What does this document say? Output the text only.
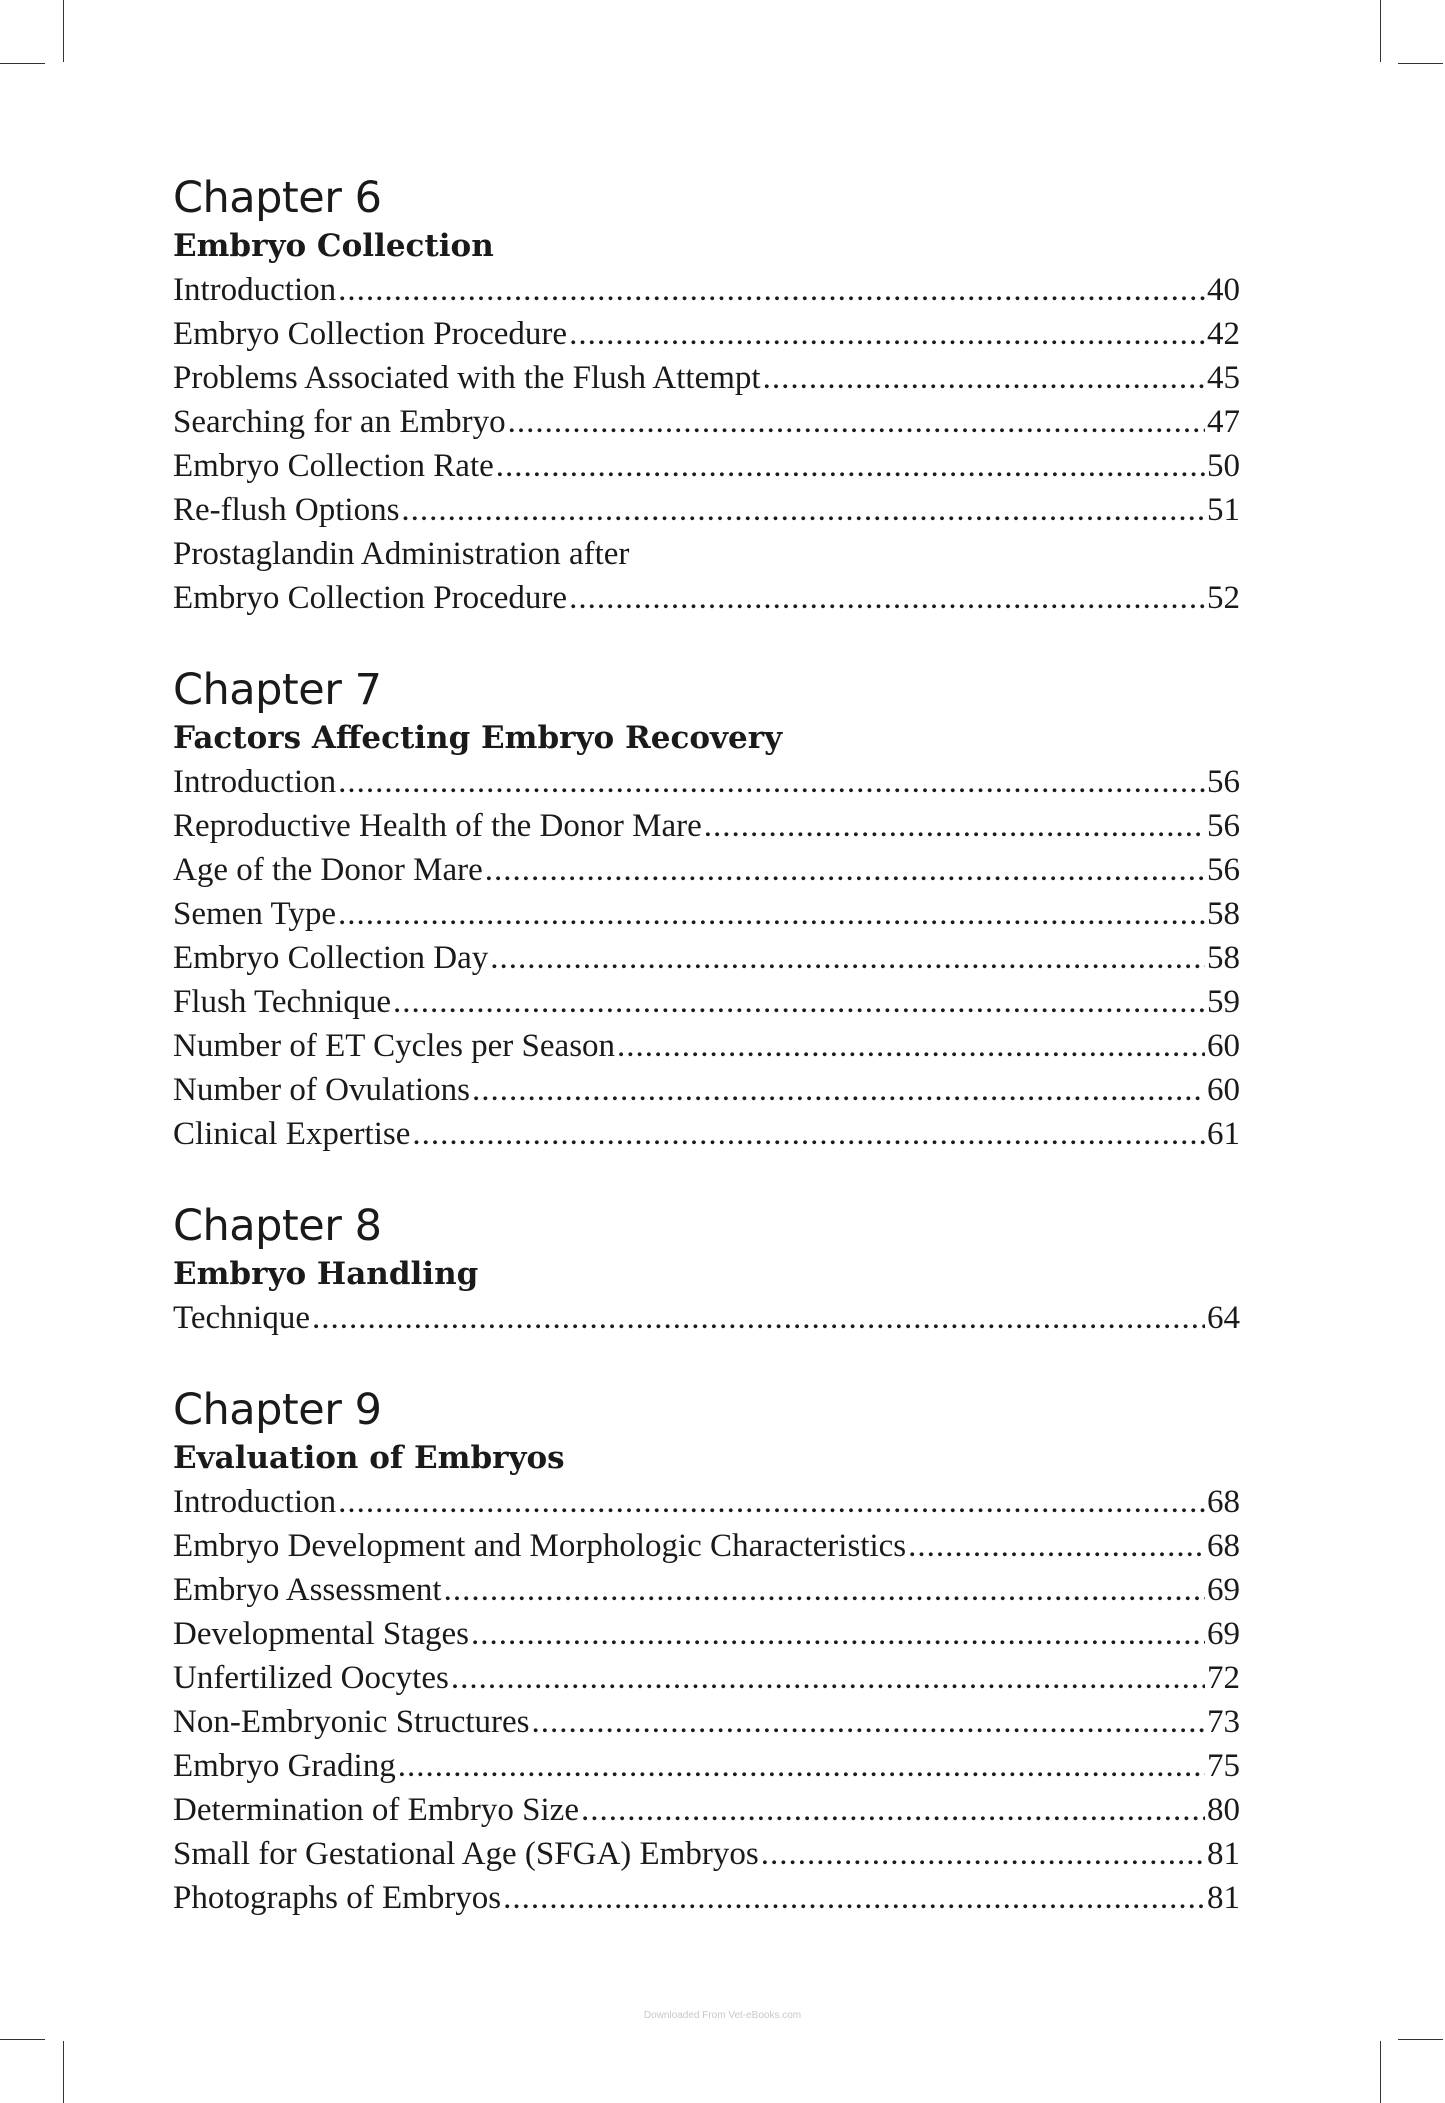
Chapter 6
Embryo Collection
Introduction .....	40
Embryo Collection Procedure .....	42
Problems Associated with the Flush Attempt .....	45
Searching for an Embryo .....	47
Embryo Collection Rate .....	50
Re-flush Options .....	51
Prostaglandin Administration after
Embryo Collection Procedure .....	52
Chapter 7
Factors Affecting Embryo Recovery
Introduction .....	56
Reproductive Health of the Donor Mare .....	56
Age of the Donor Mare .....	56
Semen Type .....	58
Embryo Collection Day .....	58
Flush Technique .....	59
Number of ET Cycles per Season .....	60
Number of Ovulations .....	60
Clinical Expertise .....	61
Chapter 8
Embryo Handling
Technique .....	64
Chapter 9
Evaluation of Embryos
Introduction .....	68
Embryo Development and Morphologic Characteristics .....	68
Embryo Assessment .....	69
Developmental Stages .....	69
Unfertilized Oocytes .....	72
Non-Embryonic Structures .....	73
Embryo Grading .....	75
Determination of Embryo Size .....	80
Small for Gestational Age (SFGA) Embryos .....	81
Photographs of Embryos .....	81
Downloaded From Vet-eBooks.com
